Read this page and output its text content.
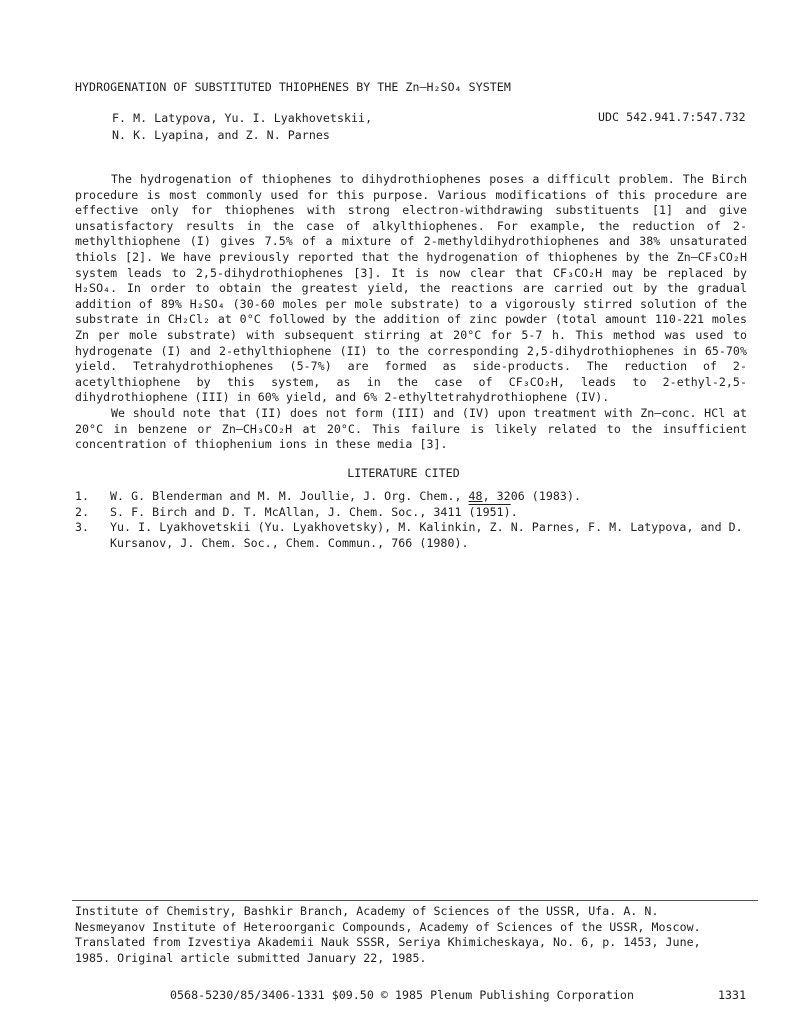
HYDROGENATION OF SUBSTITUTED THIOPHENES BY THE Zn–H₂SO₄ SYSTEM
F. M. Latypova, Yu. I. Lyakhovetskii,
N. K. Lyapina, and Z. N. Parnes
UDC 542.941.7:547.732

The hydrogenation of thiophenes to dihydrothiophenes poses a difficult problem. The Birch procedure is most commonly used for this purpose. Various modifications of this procedure are effective only for thiophenes with strong electron-withdrawing substituents [1] and give unsatisfactory results in the case of alkylthiophenes. For example, the reduction of 2-methylthiophene (I) gives 7.5% of a mixture of 2-methyldihydrothiophenes and 38% unsaturated thiols [2]. We have previously reported that the hydrogenation of thiophenes by the Zn–CF₃CO₂H system leads to 2,5-dihydrothiophenes [3]. It is now clear that CF₃CO₂H may be replaced by H₂SO₄. In order to obtain the greatest yield, the reactions are carried out by the gradual addition of 89% H₂SO₄ (30-60 moles per mole substrate) to a vigorously stirred solution of the substrate in CH₂Cl₂ at 0°C followed by the addition of zinc powder (total amount 110-221 moles Zn per mole substrate) with subsequent stirring at 20°C for 5-7 h. This method was used to hydrogenate (I) and 2-ethylthiophene (II) to the corresponding 2,5-dihydrothiophenes in 65-70% yield. Tetrahydrothiophenes (5-7%) are formed as side-products. The reduction of 2-acetylthiophene by this system, as in the case of CF₃CO₂H, leads to 2-ethyl-2,5-dihydrothiophene (III) in 60% yield, and 6% 2-ethyltetrahydrothiophene (IV).

We should note that (II) does not form (III) and (IV) upon treatment with Zn–conc. HCl at 20°C in benzene or Zn–CH₃CO₂H at 20°C. This failure is likely related to the insufficient concentration of thiophenium ions in these media [3].

LITERATURE CITED
1.	W. G. Blenderman and M. M. Joullie, J. Org. Chem., 48, 3206 (1983).
2.	S. F. Birch and D. T. McAllan, J. Chem. Soc., 3411 (1951).
3.	Yu. I. Lyakhovetskii (Yu. Lyakhovetsky), M. Kalinkin, Z. N. Parnes, F. M. Latypova, and D. Kursanov, J. Chem. Soc., Chem. Commun., 766 (1980).
Institute of Chemistry, Bashkir Branch, Academy of Sciences of the USSR, Ufa. A. N.
Nesmeyanov Institute of Heteroorganic Compounds, Academy of Sciences of the USSR, Moscow.
Translated from Izvestiya Akademii Nauk SSSR, Seriya Khimicheskaya, No. 6, p. 1453, June,
1985. Original article submitted January 22, 1985.
0568-5230/85/3406-1331 $09.50 © 1985 Plenum Publishing Corporation	1331
